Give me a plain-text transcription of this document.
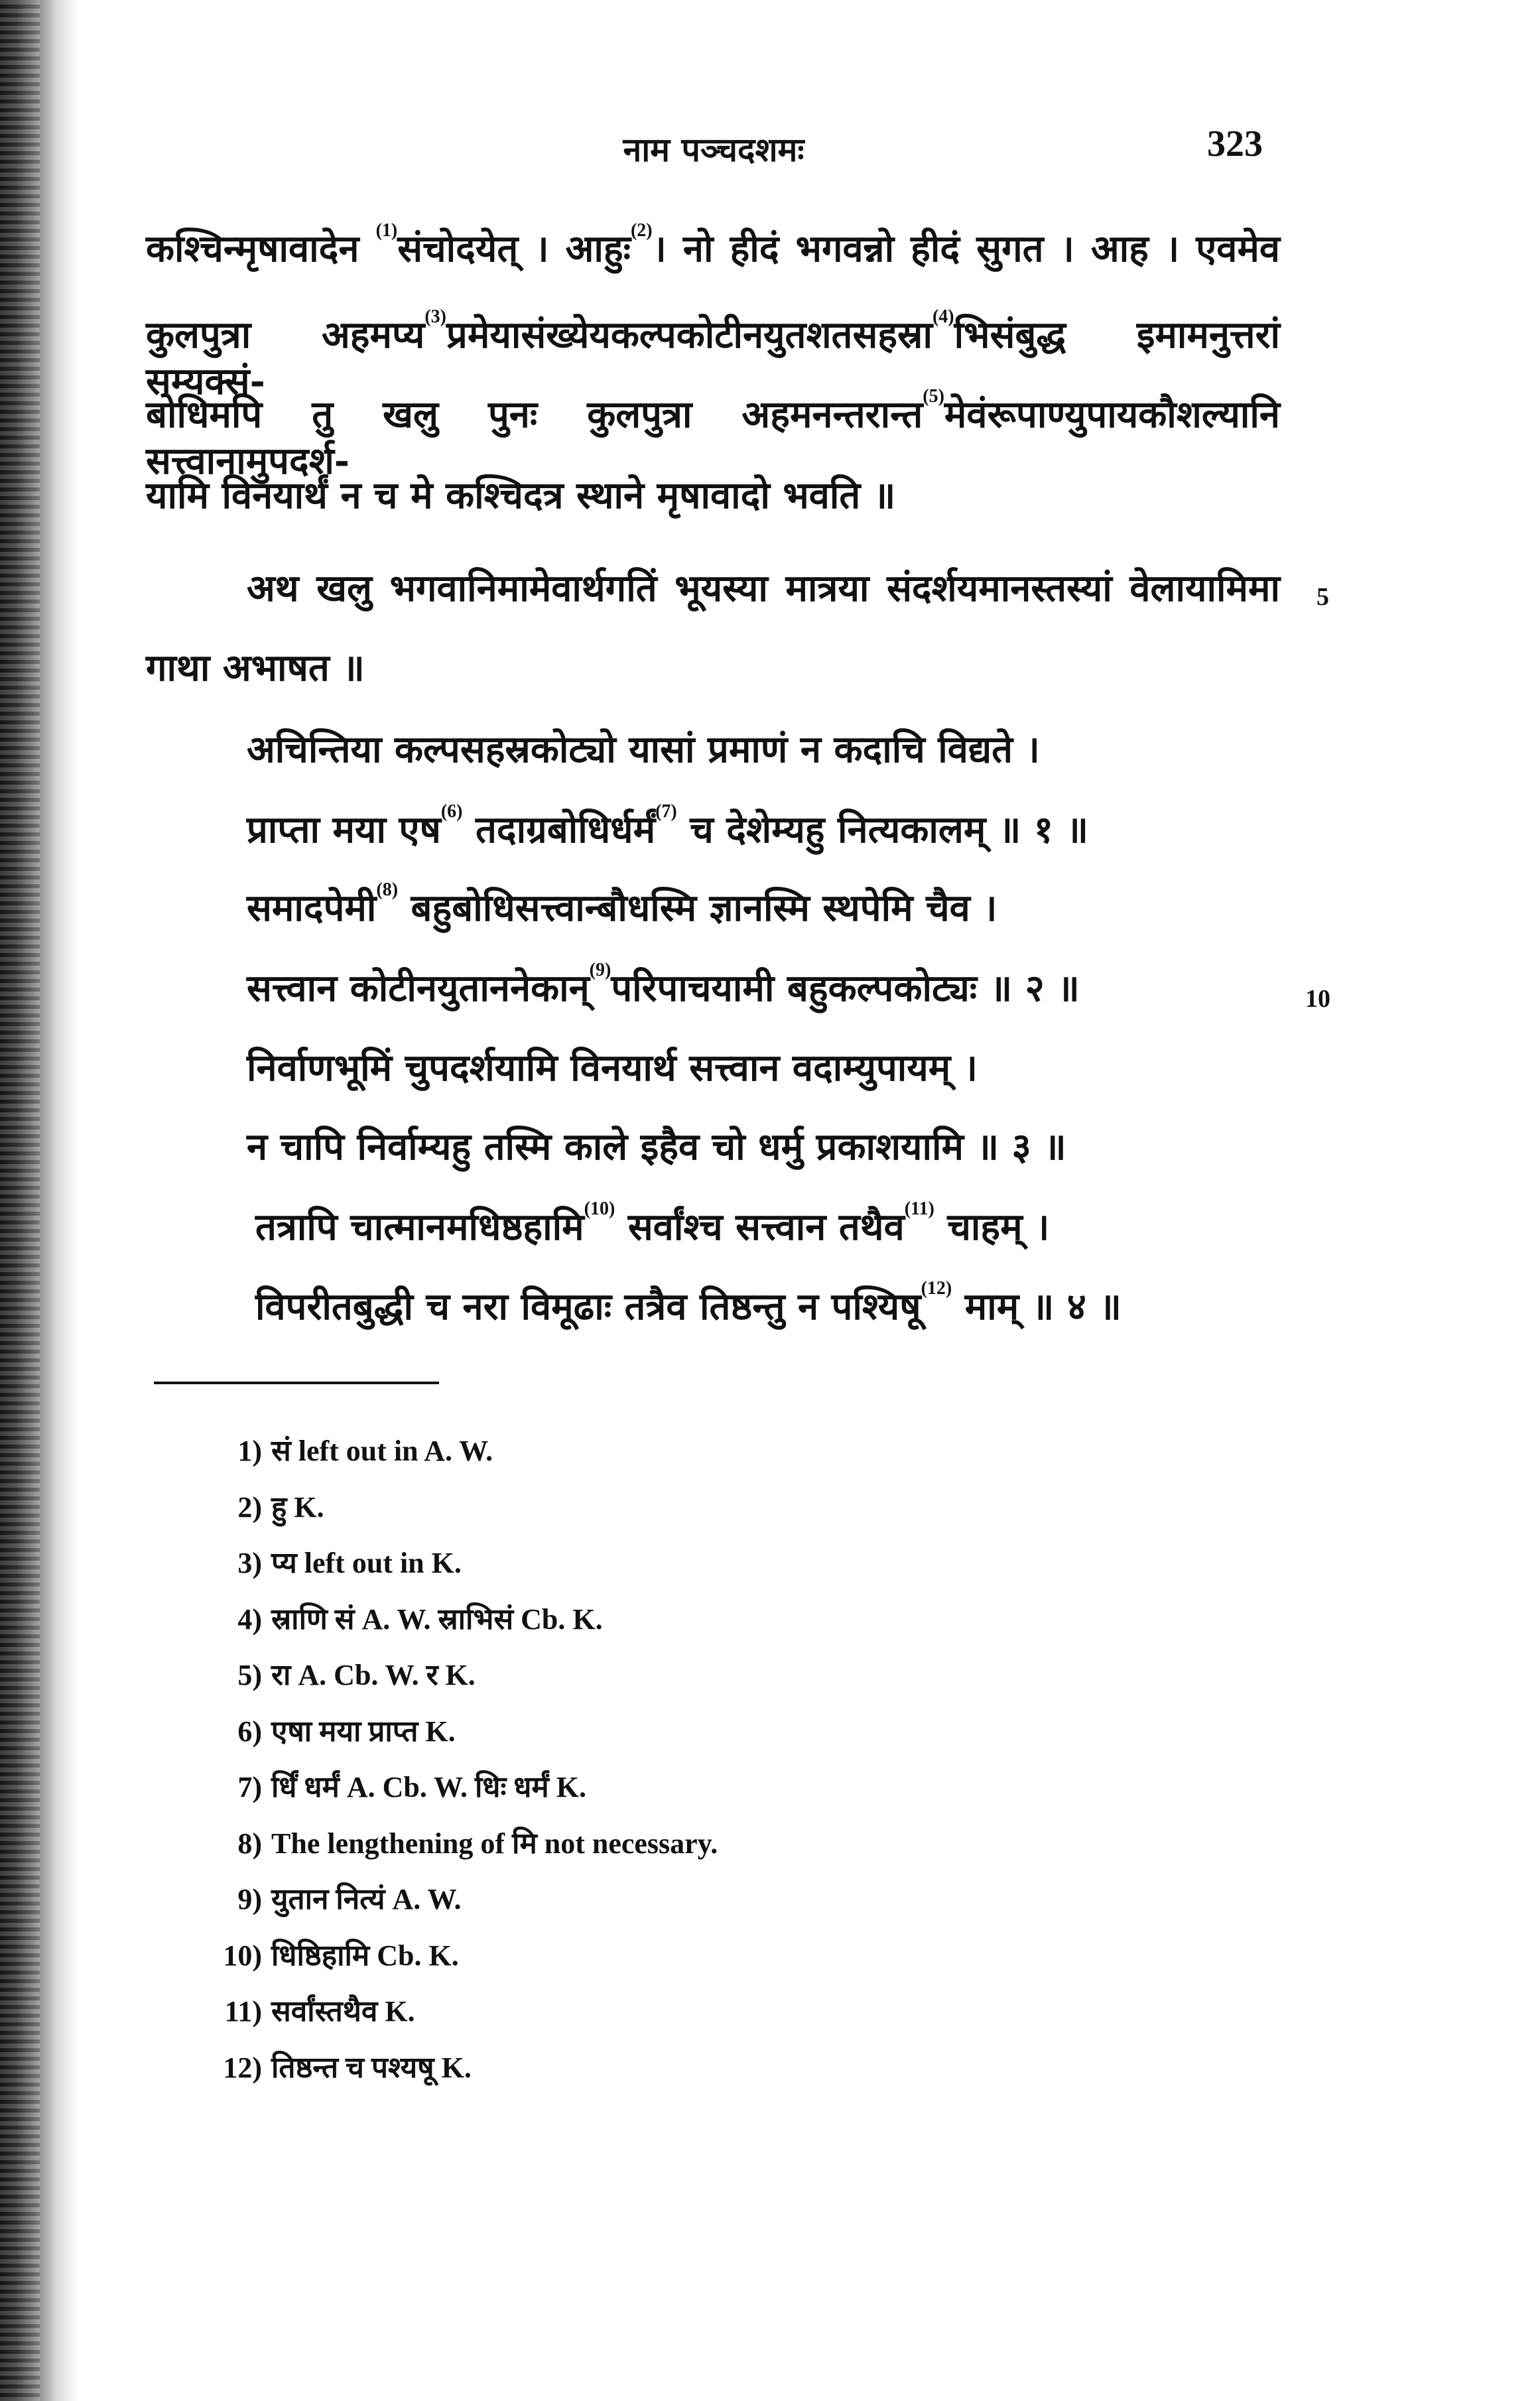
नाम पञ्चदशमः	323
कश्चिन्मृषावादेन $^{(1)}$संचोदयेत् । आहुः$^{(2)}$। नो हीदं भगवन्नो हीदं सुगत । आह । एवमेव
कुलपुत्रा अहमप्य$^{(3)}$प्रमेयासंख्येयकल्पकोटीनयुतशतसहस्रा$^{(4)}$भिसंबुद्ध इमामनुत्तरां सम्यक्सं-
बोधिमपि तु खलु पुनः कुलपुत्रा अहमनन्तरान्त$^{(5)}$मेवंरूपाण्युपायकौशल्यानि सत्त्वानामुपदर्श-
यामि विनयार्थं न च मे कश्चिदत्र स्थाने मृषावादो भवति ॥
अथ खलु भगवानिमामेवार्थगतिं भूयस्या मात्रया संदर्शयमानस्तस्यां वेलायामिमा
गाथा अभाषत ॥
अचिन्तिया कल्पसहस्रकोट्यो यासां प्रमाणं न कदाचि विद्यते ।
प्राप्ता मया एष$^{(6)}$ तदाग्रबोधिर्धर्मं$^{(7)}$ च देशेम्यहु नित्यकालम् ॥ १ ॥
समादपेमी$^{(8)}$ बहुबोधिसत्त्वान्बौधस्मि ज्ञानस्मि स्थपेमि चैव ।
सत्त्वान कोटीनयुताननेकान्$^{(9)}$परिपाचयामी बहुकल्पकोट्यः ॥ २ ॥
निर्वाणभूमिं चुपदर्शयामि विनयार्थ सत्त्वान वदाम्युपायम् ।
न चापि निर्वाम्यहु तस्मि काले इहैव चो धर्मु प्रकाशयामि ॥ ३ ॥
तत्रापि चात्मानमधिष्ठहामि$^{(10)}$ सर्वांश्च सत्त्वान तथैव$^{(11)}$ चाहम् ।
विपरीतबुद्धी च नरा विमूढाः तत्रैव तिष्ठन्तु न पश्यिषू$^{(12)}$ माम् ॥ ४ ॥
5
10
1) सं left out in A. W.
2) हु K.
3) प्य left out in K.
4) स्राणि सं A. W. स्राभिसं Cb. K.
5) रा A. Cb. W. र K.
6) एषा मया प्राप्त K.
7) र्धिं धर्मं A. Cb. W. धिः धर्मं K.
8) The lengthening of मि not necessary.
9) युतान नित्यं A. W.
10) धिष्ठिहामि Cb. K.
11) सर्वांस्तथैव K.
12) तिष्ठन्त च पश्यषू K.
